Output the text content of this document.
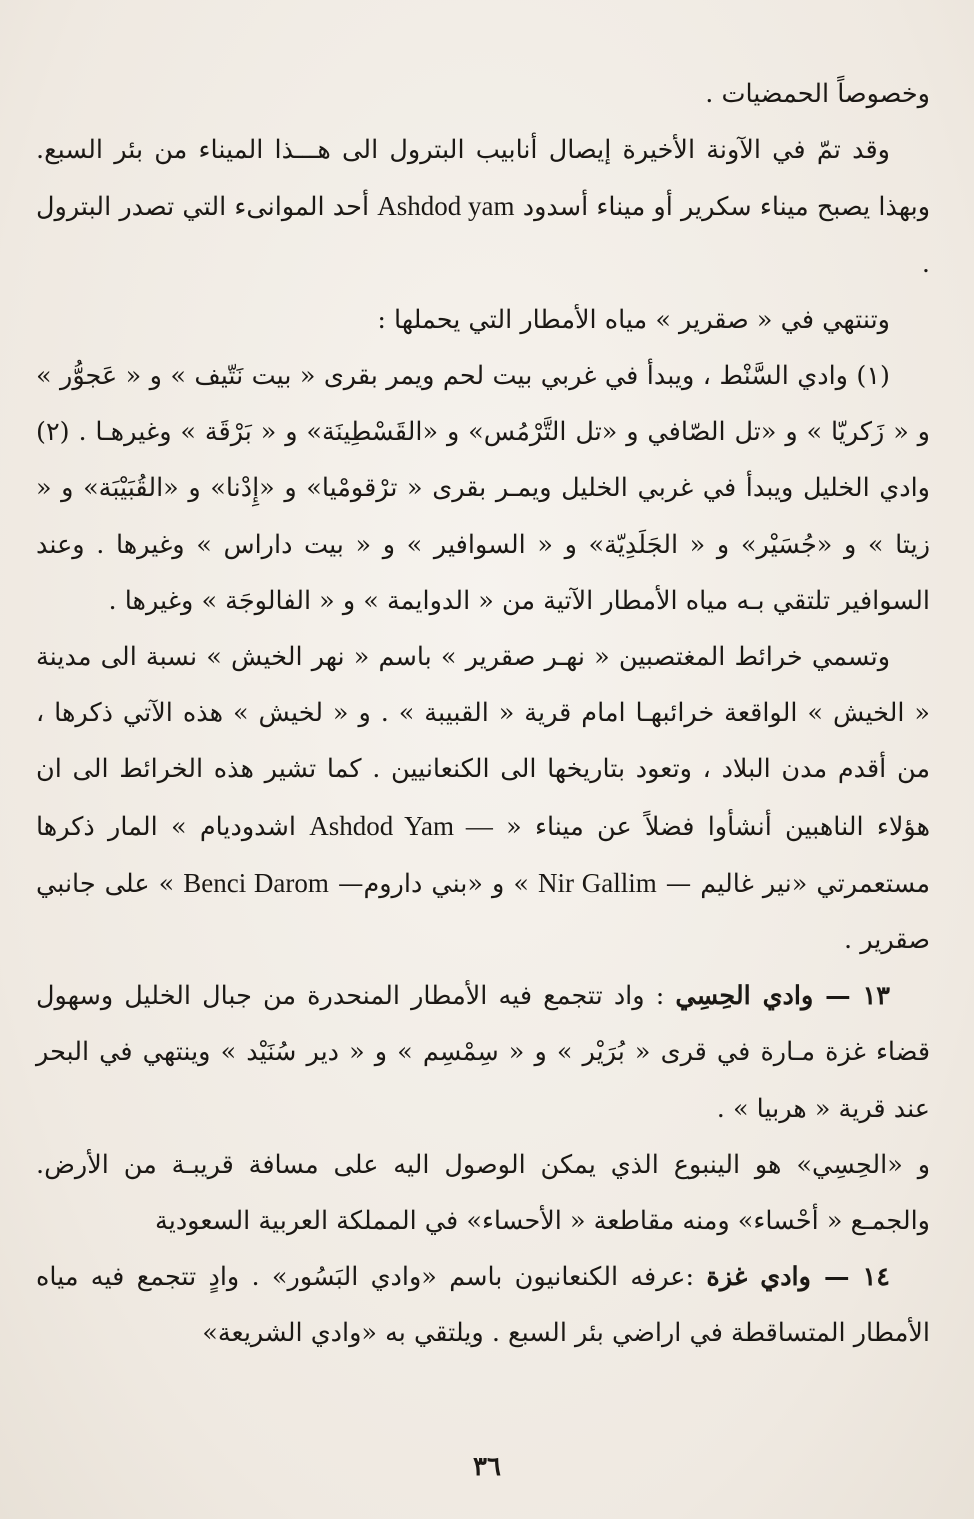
وخصوصاً الحمضيات .

وقد تمّ في الآونة الأخيرة إيصال أنابيب البترول الى هـــذا الميناء من بئر السبع. وبهذا يصبح ميناء سكرير أو ميناء أسدود Ashdod yam أحد الموانىء التي تصدر البترول .

وتنتهي في « صقرير » مياه الأمطار التي يحملها :

(١) وادي السَّنْط ، ويبدأ في غربي بيت لحم ويمر بقرى « بيت نَتّيف » و « عَجوُّر » و « زَكريّا » و «تل الصّافي و «تل التَّرْمُس» و «القَسْطِينَة» و « بَرْقَة » وغيرهـا . (٢) وادي الخليل ويبدأ في غربي الخليل ويمـر بقرى « ترْقومْيا» و «إِدْنا» و «القُبَيْبَة» و « زيتا » و «جُسَيْر» و « الجَلَدِيّة» و « السوافير » و « بيت داراس » وغيرها . وعند السوافير تلتقي بـه مياه الأمطار الآتية من « الدوايمة » و « الفالوجَة » وغيرها .

وتسمي خرائط المغتصبين « نهـر صقرير » باسم « نهر الخيش » نسبة الى مدينة « الخيش » الواقعة خرائبهـا امام قرية « القبيبة » . و « لخيش » هذه الآتي ذكرها ، من أقدم مدن البلاد ، وتعود بتاريخها الى الكنعانيين . كما تشير هذه الخرائط الى ان هؤلاء الناهبين أنشأوا فضلاً عن ميناء « Ashdod Yam — اشدوديام » المار ذكرها مستعمرتي «نير غاليم — Nir Gallim » و «بني داروم— Benci Darom » على جانبي صقرير .

١٣ — وادي الحِسِي : واد تتجمع فيه الأمطار المنحدرة من جبال الخليل وسهول قضاء غزة مـارة في قرى « بُرَيْر » و « سِمْسِم » و « دير سُنَيْد » وينتهي في البحر عند قرية « هربيا » .

و «الحِسِي» هو الينبوع الذي يمكن الوصول اليه على مسافة قريبـة من الأرض. والجمـع « أحْساء» ومنه مقاطعة « الأحساء» في المملكة العربية السعودية

١٤ — وادي غزة :عرفه الكنعانيون باسم «وادي البَسُور» . وادٍ تتجمع فيه مياه الأمطار المتساقطة في اراضي بئر السبع . ويلتقي به «وادي الشريعة»

٣٦
